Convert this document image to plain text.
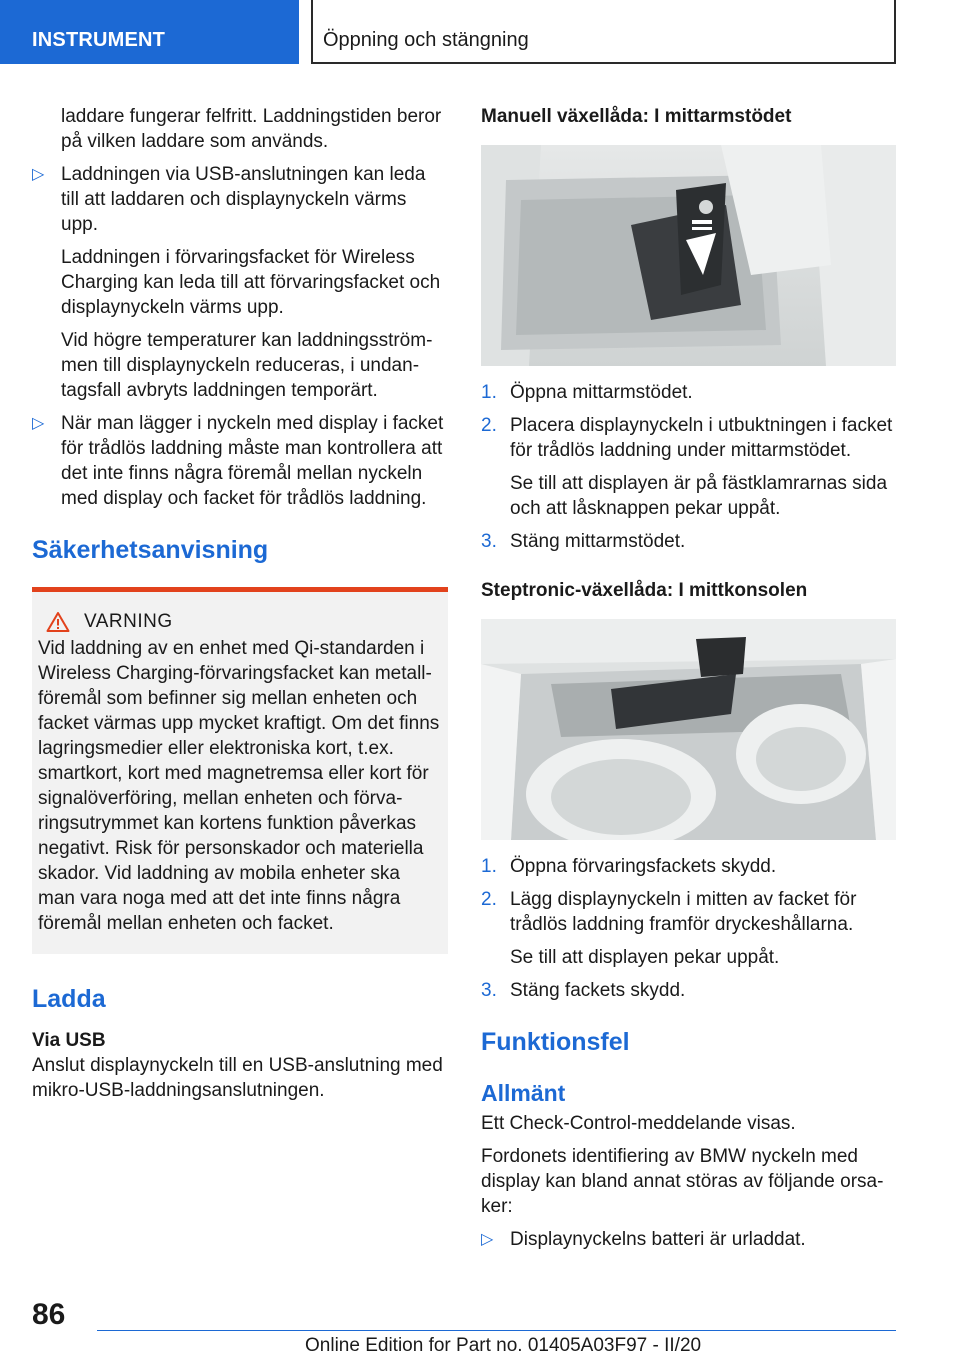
INSTRUMENT	Öppning och stängning

laddare fungerar felfritt. Laddningstiden beror på vilken laddare som används.

▷ Laddningen via USB-anslutningen kan leda till att laddaren och displaynyckeln värms upp.

Laddningen i förvaringsfacket för Wireless Charging kan leda till att förvaringsfacket och displaynyckeln värms upp.

Vid högre temperaturer kan laddningsströmmen till displaynyckeln reduceras, i undantagsfall avbryts laddningen temporärt.

▷ När man lägger i nyckeln med display i facket för trådlös laddning måste man kontrollera att det inte finns några föremål mellan nyckeln med display och facket för trådlös laddning.

Säkerhetsanvisning
VARNING

Vid laddning av en enhet med Qi-standarden i Wireless Charging-förvaringsfacket kan metallföremål som befinner sig mellan enheten och facket värmas upp mycket kraftigt. Om det finns lagringsmedier eller elektroniska kort, t.ex. smartkort, kort med magnetremsa eller kort för signalöverföring, mellan enheten och förvaringsutrymmet kan kortens funktion påverkas negativt. Risk för personskador och materiella skador. Vid laddning av mobila enheter ska man vara noga med att det inte finns några föremål mellan enheten och facket.

Ladda
Via USB

Anslut displaynyckeln till en USB-anslutning med mikro-USB-laddningsanslutningen.

Manuell växellåda: I mittarmstödet
1. Öppna mittarmstödet.

2. Placera displaynyckeln i utbuktningen i facket för trådlös laddning under mittarmstödet.

Se till att displayen är på fästklamrarnas sida och att låsknappen pekar uppåt.

3. Stäng mittarmstödet.

Steptronic-växellåda: I mittkonsolen
1. Öppna förvaringsfackets skydd.

2. Lägg displaynyckeln i mitten av facket för trådlös laddning framför dryckeshållarna.

Se till att displayen pekar uppåt.

3. Stäng fackets skydd.

Funktionsfel
Allmänt

Ett Check-Control-meddelande visas.

Fordonets identifiering av BMW nyckeln med display kan bland annat störas av följande orsaker:

▷ Displaynyckelns batteri är urladdat.

86
Online Edition for Part no. 01405A03F97 - II/20
